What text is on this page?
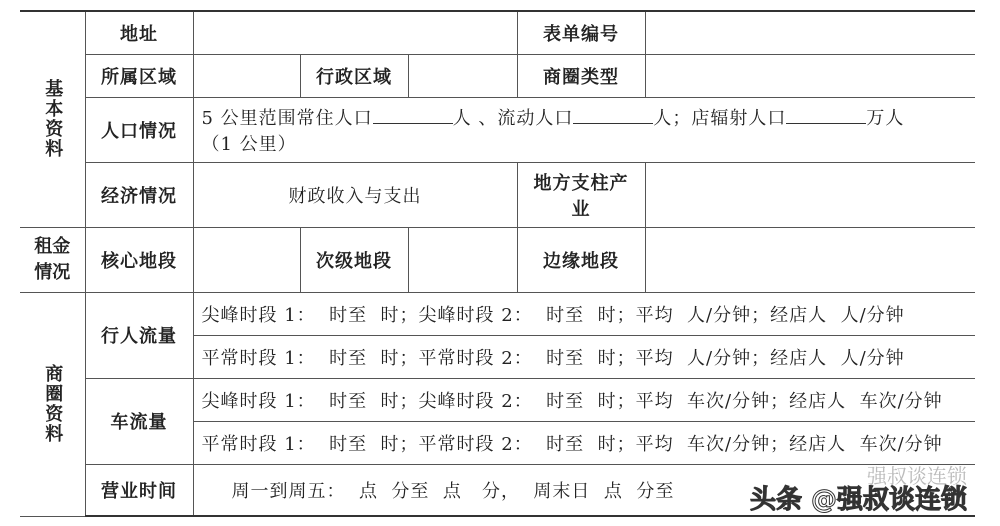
基本资料	地址				表单编号	
	所属区域		行政区域		商圈类型	
	人口情况	5 公里范围常住人口 人 、流动人口 人；店辐射人口 万人
（1 公里）				
	经济情况	财政收入与支出			地方支柱产业	
租金情况	核心地段		次级地段		边缘地段	
商圈资料	行人流量	尖峰时段 1：  时至  时；尖峰时段 2：  时至  时；平均  人/分钟；经店人  人/分钟				
		平常时段 1：  时至  时；平常时段 2：  时至  时；平均  人/分钟；经店人  人/分钟				
	车流量	尖峰时段 1：  时至  时；尖峰时段 2：  时至  时；平均  车次/分钟；经店人  车次/分钟				
		平常时段 1：  时至  时；平常时段 2：  时至  时；平均  车次/分钟；经店人  车次/分钟				
	营业时间	周一到周五：  点  分至  点   分，  周末日  点  分至
强叔谈连锁
头条 @强叔谈连锁				
